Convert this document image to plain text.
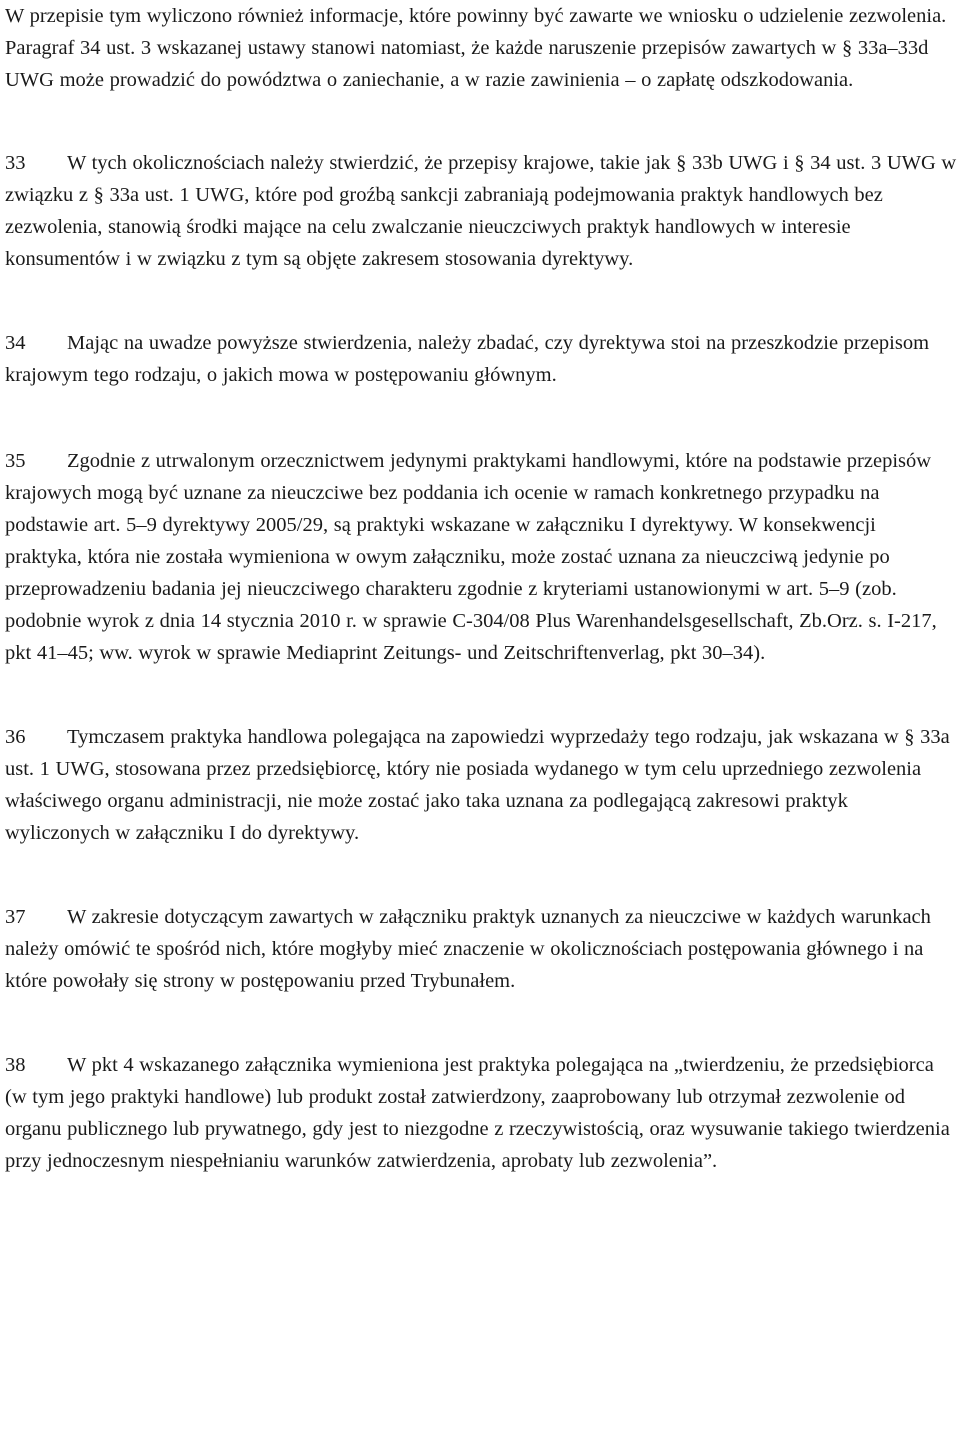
W przepisie tym wyliczono również informacje, które powinny być zawarte we wniosku o udzielenie zezwolenia. Paragraf 34 ust. 3 wskazanej ustawy stanowi natomiast, że każde naruszenie przepisów zawartych w § 33a–33d UWG może prowadzić do powództwa o zaniechanie, a w razie zawinienia – o zapłatę odszkodowania.

33 W tych okolicznościach należy stwierdzić, że przepisy krajowe, takie jak § 33b UWG i § 34 ust. 3 UWG w związku z § 33a ust. 1 UWG, które pod groźbą sankcji zabraniają podejmowania praktyk handlowych bez zezwolenia, stanowią środki mające na celu zwalczanie nieuczciwych praktyk handlowych w interesie konsumentów i w związku z tym są objęte zakresem stosowania dyrektywy.

34 Mając na uwadze powyższe stwierdzenia, należy zbadać, czy dyrektywa stoi na przeszkodzie przepisom krajowym tego rodzaju, o jakich mowa w postępowaniu głównym.

35 Zgodnie z utrwalonym orzecznictwem jedynymi praktykami handlowymi, które na podstawie przepisów krajowych mogą być uznane za nieuczciwe bez poddania ich ocenie w ramach konkretnego przypadku na podstawie art. 5–9 dyrektywy 2005/29, są praktyki wskazane w załączniku I dyrektywy. W konsekwencji praktyka, która nie została wymieniona w owym załączniku, może zostać uznana za nieuczciwą jedynie po przeprowadzeniu badania jej nieuczciwego charakteru zgodnie z kryteriami ustanowionymi w art. 5–9 (zob. podobnie wyrok z dnia 14 stycznia 2010 r. w sprawie C‑304/08 Plus Warenhandelsgesellschaft, Zb.Orz. s. I‑217, pkt 41–45; ww. wyrok w sprawie Mediaprint Zeitungs- und Zeitschriftenverlag, pkt 30–34).

36 Tymczasem praktyka handlowa polegająca na zapowiedzi wyprzedaży tego rodzaju, jak wskazana w § 33a ust. 1 UWG, stosowana przez przedsiębiorcę, który nie posiada wydanego w tym celu uprzedniego zezwolenia właściwego organu administracji, nie może zostać jako taka uznana za podlegającą zakresowi praktyk wyliczonych w załączniku I do dyrektywy.

37 W zakresie dotyczącym zawartych w załączniku praktyk uznanych za nieuczciwe w każdych warunkach należy omówić te spośród nich, które mogłyby mieć znaczenie w okolicznościach postępowania głównego i na które powołały się strony w postępowaniu przed Trybunałem.

38 W pkt 4 wskazanego załącznika wymieniona jest praktyka polegająca na „twierdzeniu, że przedsiębiorca (w tym jego praktyki handlowe) lub produkt został zatwierdzony, zaaprobowany lub otrzymał zezwolenie od organu publicznego lub prywatnego, gdy jest to niezgodne z rzeczywistością, oraz wysuwanie takiego twierdzenia przy jednoczesnym niespełnianiu warunków zatwierdzenia, aprobaty lub zezwolenia”.
